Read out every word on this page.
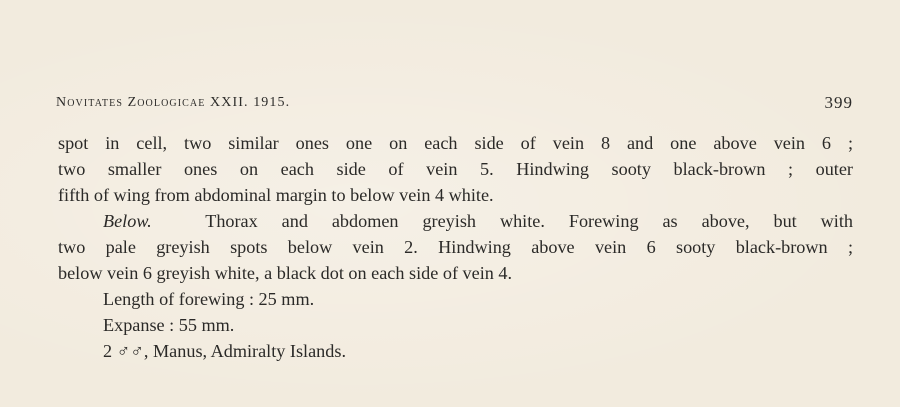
Novitates Zoologicae XXII. 1915.	399
spot in cell, two similar ones one on each side of vein 8 and one above vein 6 ;
two smaller ones on each side of vein 5. Hindwing sooty black-brown ; outer
fifth of wing from abdominal margin to below vein 4 white.
Below.	Thorax and abdomen greyish white. Forewing as above, but with
two pale greyish spots below vein 2. Hindwing above vein 6 sooty black-brown ;
below vein 6 greyish white, a black dot on each side of vein 4.
Length of forewing : 25 mm.
Expanse : 55 mm.
2 ♂♂, Manus, Admiralty Islands.
